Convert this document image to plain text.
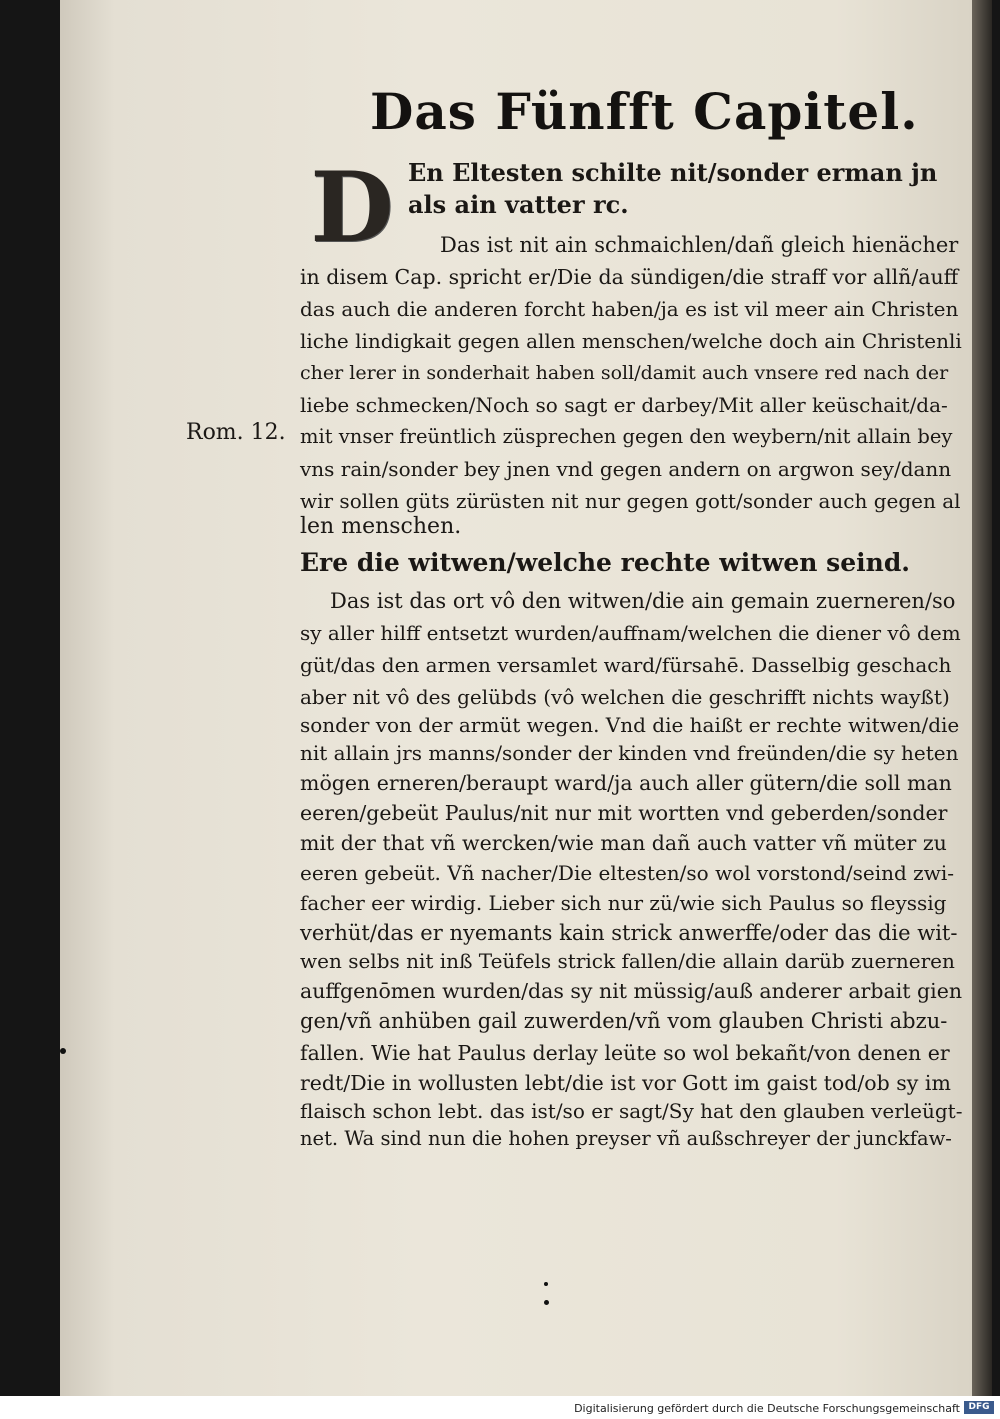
Das Fünfft Capitel.
D
Rom. 12.
En Eltesten schilte nit/sonder erman jn
als ain vatter rc.
Das ist nit ain schmaichlen/dañ gleich hienächer
in disem Cap. spricht er/Die da sündigen/die straff vor allñ/auff
das auch die anderen forcht haben/ja es ist vil meer ain Christen
liche lindigkait gegen allen menschen/welche doch ain Christenli
cher lerer in sonderhait haben soll/damit auch vnsere red nach der
liebe schmecken/Noch so sagt er darbey/Mit aller keüschait/da-
mit vnser freüntlich züsprechen gegen den weybern/nit allain bey
vns rain/sonder bey jnen vnd gegen andern on argwon sey/dann
wir sollen güts zürüsten nit nur gegen gott/sonder auch gegen al
len menschen.
Ere die witwen/welche rechte witwen seind.
Das ist das ort vô den witwen/die ain gemain zuerneren/so
sy aller hilff entsetzt wurden/auffnam/welchen die diener vô dem
güt/das den armen versamlet ward/fürsahē. Dasselbig geschach
aber nit vô des gelübds (vô welchen die geschrifft nichts wayßt)
sonder von der armüt wegen. Vnd die haißt er rechte witwen/die
nit allain jrs manns/sonder der kinden vnd freünden/die sy heten
mögen erneren/beraupt ward/ja auch aller gütern/die soll man
eeren/gebeüt Paulus/nit nur mit wortten vnd geberden/sonder
mit der that vñ wercken/wie man dañ auch vatter vñ müter zu
eeren gebeüt. Vñ nacher/Die eltesten/so wol vorstond/seind zwi-
facher eer wirdig. Lieber sich nur zü/wie sich Paulus so fleyssig
verhüt/das er nyemants kain strick anwerffe/oder das die wit-
wen selbs nit inß Teüfels strick fallen/die allain darüb zuerneren
auffgenōmen wurden/das sy nit müssig/auß anderer arbait gien
gen/vñ anhüben gail zuwerden/vñ vom glauben Christi abzu-
fallen. Wie hat Paulus derlay leüte so wol bekañt/von denen er
redt/Die in wollusten lebt/die ist vor Gott im gaist tod/ob sy im
flaisch schon lebt. das ist/so er sagt/Sy hat den glauben verleügt-
net. Wa sind nun die hohen preyser vñ außschreyer der junckfaw-
Digitalisierung gefördert durch die Deutsche Forschungsgemeinschaft DFG
